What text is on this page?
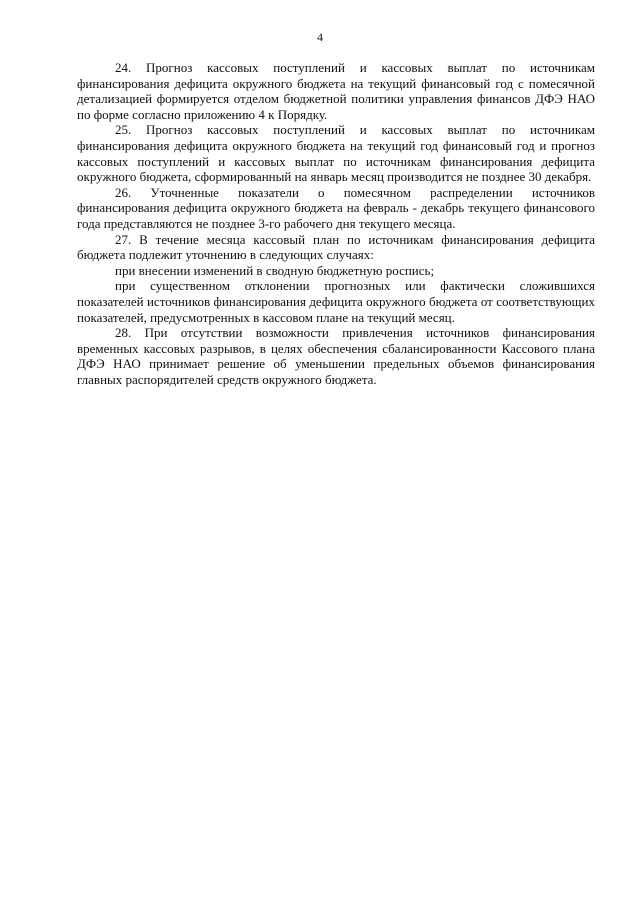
4

24. Прогноз кассовых поступлений и кассовых выплат по источникам финансирования дефицита окружного бюджета на текущий финансовый год с помесячной детализацией формируется отделом бюджетной политики управления финансов ДФЭ НАО по форме согласно приложению 4 к Порядку.

25. Прогноз кассовых поступлений и кассовых выплат по источникам финансирования дефицита окружного бюджета на текущий год финансовый год и прогноз кассовых поступлений и кассовых выплат по источникам финансирования дефицита окружного бюджета, сформированный на январь месяц производится не позднее 30 декабря.

26. Уточненные показатели о помесячном распределении источников финансирования дефицита окружного бюджета на февраль - декабрь текущего финансового года представляются не позднее 3-го рабочего дня текущего месяца.

27. В течение месяца кассовый план по источникам финансирования дефицита бюджета подлежит уточнению в следующих случаях:

при внесении изменений в сводную бюджетную роспись;

при существенном отклонении прогнозных или фактически сложившихся показателей источников финансирования дефицита окружного бюджета от соответствующих показателей, предусмотренных в кассовом плане на текущий месяц.

28. При отсутствии возможности привлечения источников финансирования временных кассовых разрывов, в целях обеспечения сбалансированности Кассового плана ДФЭ НАО принимает решение об уменьшении предельных объемов финансирования главных распорядителей средств окружного бюджета.
